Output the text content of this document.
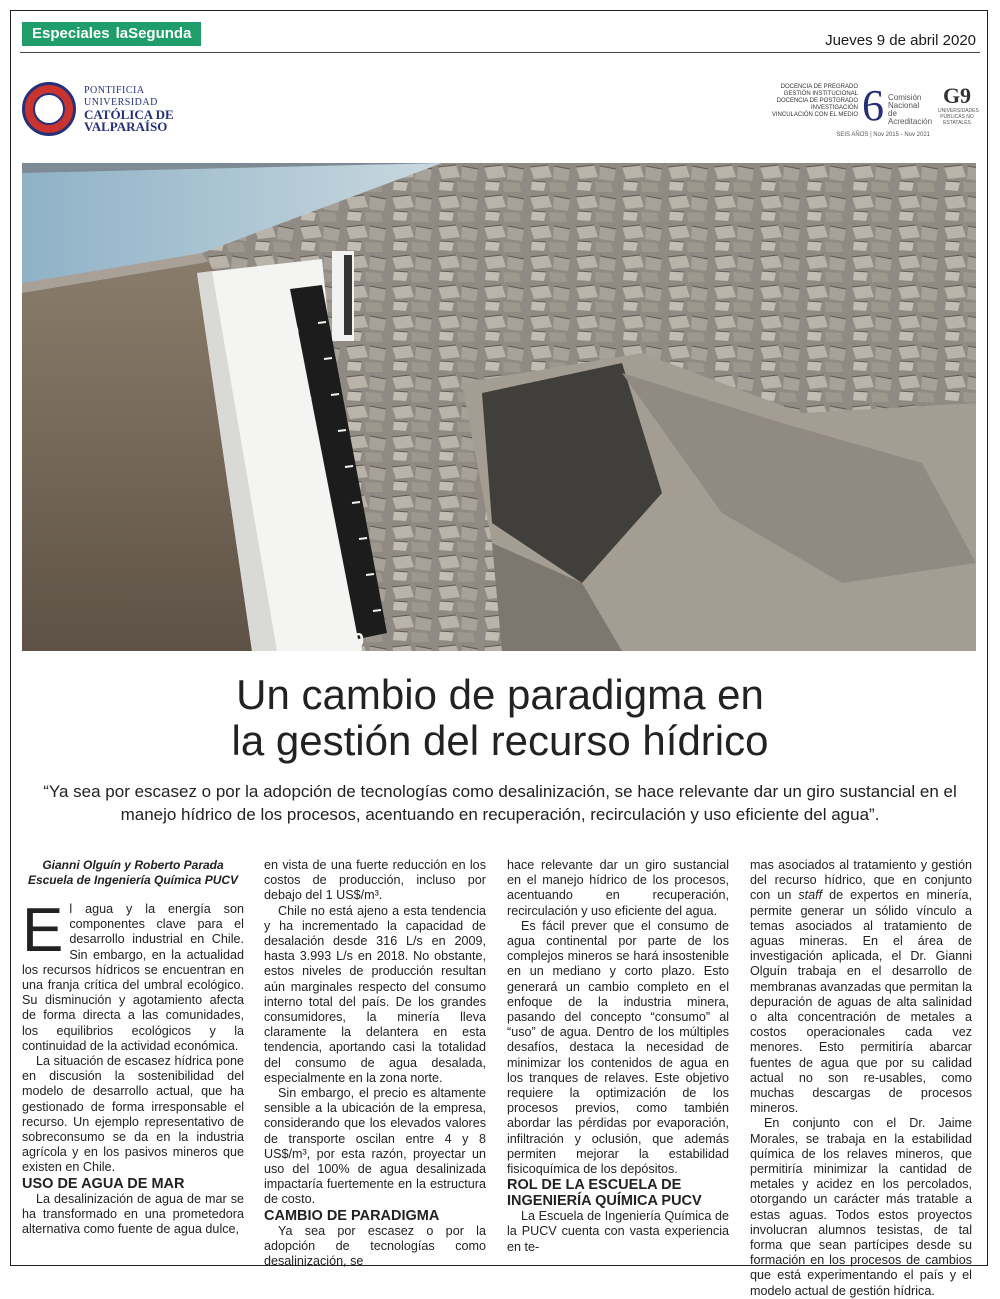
Especiales laSegunda	Jueves 9 de abril 2020
PONTIFICIA
UNIVERSIDAD
CATÓLICA DE
VALPARAÍSO
DOCENCIA DE PREGRADO
GESTIÓN INSTITUCIONAL
DOCENCIA DE POSTGRADO
INVESTIGACIÓN
VINCULACIÓN CON EL MEDIO 6 Comisión Nacional de Acreditación
G9
UNIVERSIDADES PÚBLICAS NO ESTATALES
SEIS AÑOS | Nov 2015 - Nov 2021
9
8
7
6
5
4
3
2
1
0
Un cambio de paradigma en
la gestión del recurso hídrico

“Ya sea por escasez o por la adopción de tecnologías como desalinización, se hace relevante dar un giro sustancial en el manejo hídrico de los procesos, acentuando en recuperación, recirculación y uso eficiente del agua”.

Gianni Olguín y Roberto Parada
Escuela de Ingeniería Química PUCV

El agua y la energía son componentes clave para el desarrollo industrial en Chile. Sin embargo, en la actualidad los recursos hídricos se encuentran en una franja crítica del umbral ecológico. Su disminución y agotamiento afecta de forma directa a las comunidades, los equilibrios ecológicos y la continuidad de la actividad económica.

La situación de escasez hídrica pone en discusión la sostenibilidad del modelo de desarrollo actual, que ha gestionado de forma irresponsable el recurso. Un ejemplo representativo de sobreconsumo se da en la industria agrícola y en los pasivos mineros que existen en Chile.

USO DE AGUA DE MAR

La desalinización de agua de mar se ha transformado en una prometedora alternativa como fuente de agua dulce,

en vista de una fuerte reducción en los costos de producción, incluso por debajo del 1 US$/m³.

Chile no está ajeno a esta tendencia y ha incrementado la capacidad de desalación desde 316 L/s en 2009, hasta 3.993 L/s en 2018. No obstante, estos niveles de producción resultan aún marginales respecto del consumo interno total del país. De los grandes consumidores, la minería lleva claramente la delantera en esta tendencia, aportando casi la totalidad del consumo de agua desalada, especialmente en la zona norte.

Sin embargo, el precio es altamente sensible a la ubicación de la empresa, considerando que los elevados valores de transporte oscilan entre 4 y 8 US$/m³, por esta razón, proyectar un uso del 100% de agua desalinizada impactaría fuertemente en la estructura de costo.

CAMBIO DE PARADIGMA

Ya sea por escasez o por la adopción de tecnologías como desalinización, se

hace relevante dar un giro sustancial en el manejo hídrico de los procesos, acentuando en recuperación, recirculación y uso eficiente del agua.

Es fácil prever que el consumo de agua continental por parte de los complejos mineros se hará insostenible en un mediano y corto plazo. Esto generará un cambio completo en el enfoque de la industria minera, pasando del concepto “consumo” al “uso” de agua. Dentro de los múltiples desafíos, destaca la necesidad de minimizar los contenidos de agua en los tranques de relaves. Este objetivo requiere la optimización de los procesos previos, como también abordar las pérdidas por evaporación, infiltración y oclusión, que además permiten mejorar la estabilidad fisicoquímica de los depósitos.

ROL DE LA ESCUELA DE
INGENIERÍA QUÍMICA PUCV

La Escuela de Ingeniería Química de la PUCV cuenta con vasta experiencia en te-

mas asociados al tratamiento y gestión del recurso hídrico, que en conjunto con un staff de expertos en minería, permite generar un sólido vínculo a temas asociados al tratamiento de aguas mineras. En el área de investigación aplicada, el Dr. Gianni Olguín trabaja en el desarrollo de membranas avanzadas que permitan la depuración de aguas de alta salinidad o alta concentración de metales a costos operacionales cada vez menores. Esto permitiría abarcar fuentes de agua que por su calidad actual no son re-usables, como muchas descargas de procesos mineros.

En conjunto con el Dr. Jaime Morales, se trabaja en la estabilidad química de los relaves mineros, que permitiría minimizar la cantidad de metales y acidez en los percolados, otorgando un carácter más tratable a estas aguas. Todos estos proyectos involucran alumnos tesistas, de tal forma que sean partícipes desde su formación en los procesos de cambios que está experimentando el país y el modelo actual de gestión hídrica.
